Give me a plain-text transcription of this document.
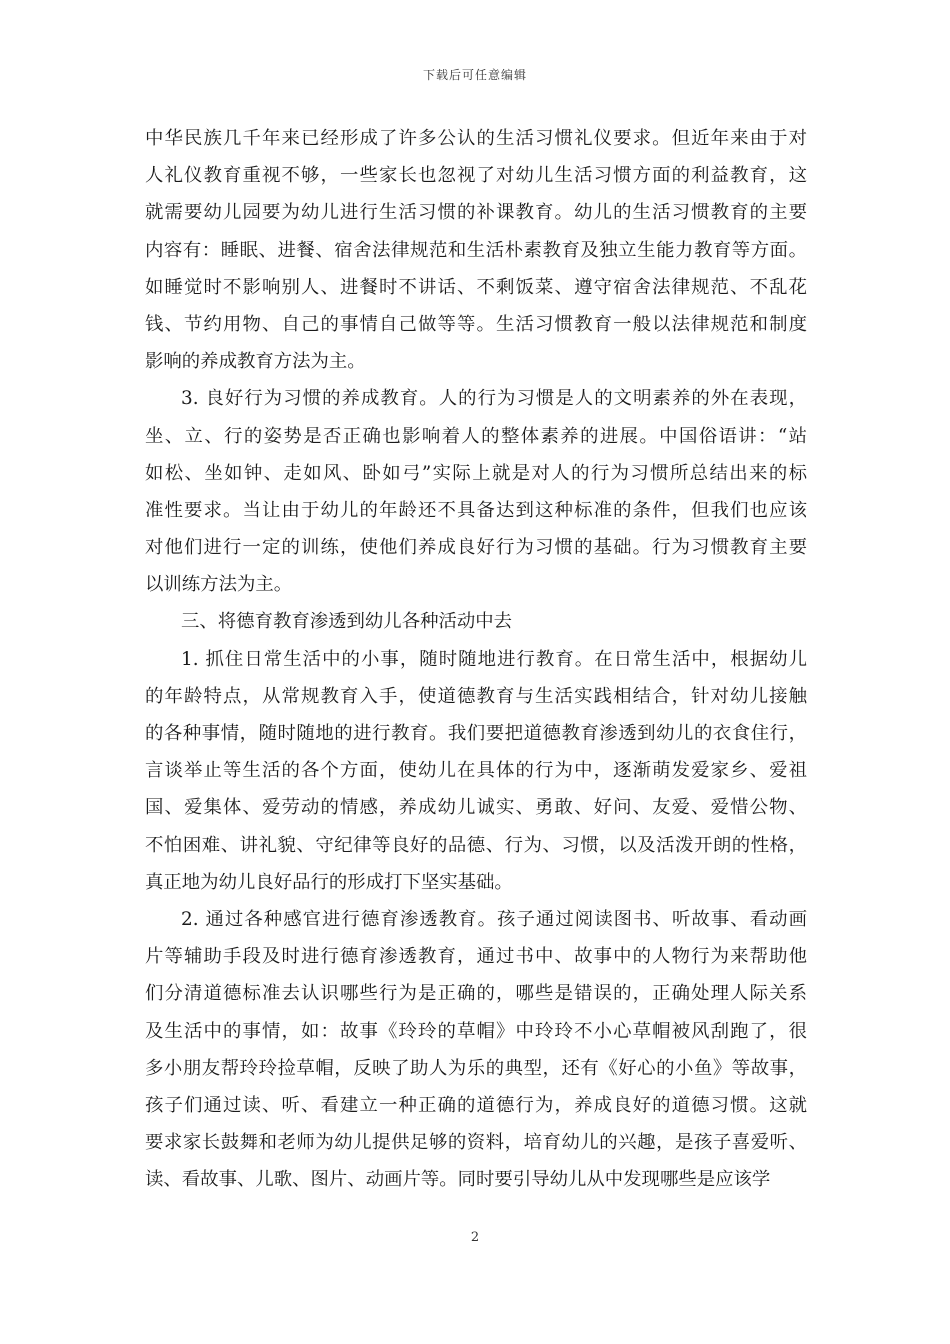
下载后可任意编辑
中华民族几千年来已经形成了许多公认的生活习惯礼仪要求。但近年来由于对
人礼仪教育重视不够，一些家长也忽视了对幼儿生活习惯方面的利益教育，这
就需要幼儿园要为幼儿进行生活习惯的补课教育。幼儿的生活习惯教育的主要
内容有：睡眠、进餐、宿舍法律规范和生活朴素教育及独立生能力教育等方面。
如睡觉时不影响别人、进餐时不讲话、不剩饭菜、遵守宿舍法律规范、不乱花
钱、节约用物、自己的事情自己做等等。生活习惯教育一般以法律规范和制度
影响的养成教育方法为主。
3. 良好行为习惯的养成教育。人的行为习惯是人的文明素养的外在表现，
坐、立、行的姿势是否正确也影响着人的整体素养的进展。中国俗语讲：“站
如松、坐如钟、走如风、卧如弓”实际上就是对人的行为习惯所总结出来的标
准性要求。当让由于幼儿的年龄还不具备达到这种标准的条件，但我们也应该
对他们进行一定的训练，使他们养成良好行为习惯的基础。行为习惯教育主要
以训练方法为主。
三、将德育教育渗透到幼儿各种活动中去
1. 抓住日常生活中的小事，随时随地进行教育。在日常生活中，根据幼儿
的年龄特点，从常规教育入手，使道德教育与生活实践相结合，针对幼儿接触
的各种事情，随时随地的进行教育。我们要把道德教育渗透到幼儿的衣食住行，
言谈举止等生活的各个方面，使幼儿在具体的行为中，逐渐萌发爱家乡、爱祖
国、爱集体、爱劳动的情感，养成幼儿诚实、勇敢、好问、友爱、爱惜公物、
不怕困难、讲礼貌、守纪律等良好的品德、行为、习惯，以及活泼开朗的性格，
真正地为幼儿良好品行的形成打下坚实基础。
2. 通过各种感官进行德育渗透教育。孩子通过阅读图书、听故事、看动画
片等辅助手段及时进行德育渗透教育，通过书中、故事中的人物行为来帮助他
们分清道德标准去认识哪些行为是正确的，哪些是错误的，正确处理人际关系
及生活中的事情，如：故事《玲玲的草帽》中玲玲不小心草帽被风刮跑了，很
多小朋友帮玲玲捡草帽，反映了助人为乐的典型，还有《好心的小鱼》等故事，
孩子们通过读、听、看建立一种正确的道德行为，养成良好的道德习惯。这就
要求家长鼓舞和老师为幼儿提供足够的资料，培育幼儿的兴趣，是孩子喜爱听、
读、看故事、儿歌、图片、动画片等。同时要引导幼儿从中发现哪些是应该学
2
